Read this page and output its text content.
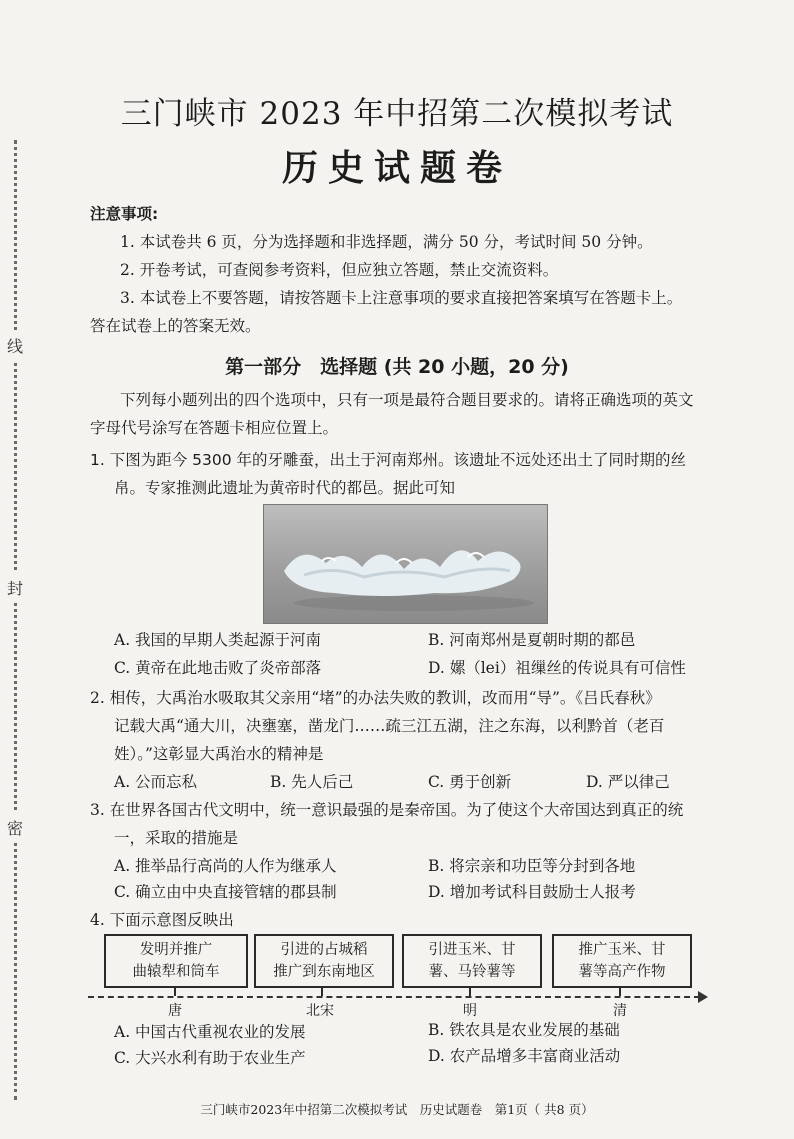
线
封
密
三门峡市 2023 年中招第二次模拟考试
历史试题卷
注意事项:
1. 本试卷共 6 页，分为选择题和非选择题，满分 50 分，考试时间 50 分钟。
2. 开卷考试，可查阅参考资料，但应独立答题，禁止交流资料。
3. 本试卷上不要答题，请按答题卡上注意事项的要求直接把答案填写在答题卡上。
答在试卷上的答案无效。
第一部分　选择题 (共 20 小题，20 分)
下列每小题列出的四个选项中，只有一项是最符合题目要求的。请将正确选项的英文
字母代号涂写在答题卡相应位置上。
1. 下图为距今 5300 年的牙雕蚕，出土于河南郑州。该遗址不远处还出土了同时期的丝
帛。专家推测此遗址为黄帝时代的都邑。据此可知
A. 我国的早期人类起源于河南	B. 河南郑州是夏朝时期的都邑
C. 黄帝在此地击败了炎帝部落	D. 嫘（lei）祖缫丝的传说具有可信性
2. 相传，大禹治水吸取其父亲用“堵”的办法失败的教训，改而用“导”。《吕氏春秋》
记载大禹“通大川，决壅塞，凿龙门……疏三江五湖，注之东海，以利黔首（老百
姓）。”这彰显大禹治水的精神是
A. 公而忘私	B. 先人后己	C. 勇于创新	D. 严以律己
3. 在世界各国古代文明中，统一意识最强的是秦帝国。为了使这个大帝国达到真正的统
一，采取的措施是
A. 推举品行高尚的人作为继承人	B. 将宗亲和功臣等分封到各地
C. 确立由中央直接管辖的郡县制	D. 增加考试科目鼓励士人报考
4. 下面示意图反映出
发明并推广
曲辕犁和筒车
引进的占城稻
推广到东南地区
引进玉米、甘
薯、马铃薯等
推广玉米、甘
薯等高产作物
唐	北宋	明	清
A. 中国古代重视农业的发展	B. 铁农具是农业发展的基础
C. 大兴水利有助于农业生产	D. 农产品增多丰富商业活动
三门峡市2023年中招第二次模拟考试　历史试题卷　第1页（ 共8 页）
